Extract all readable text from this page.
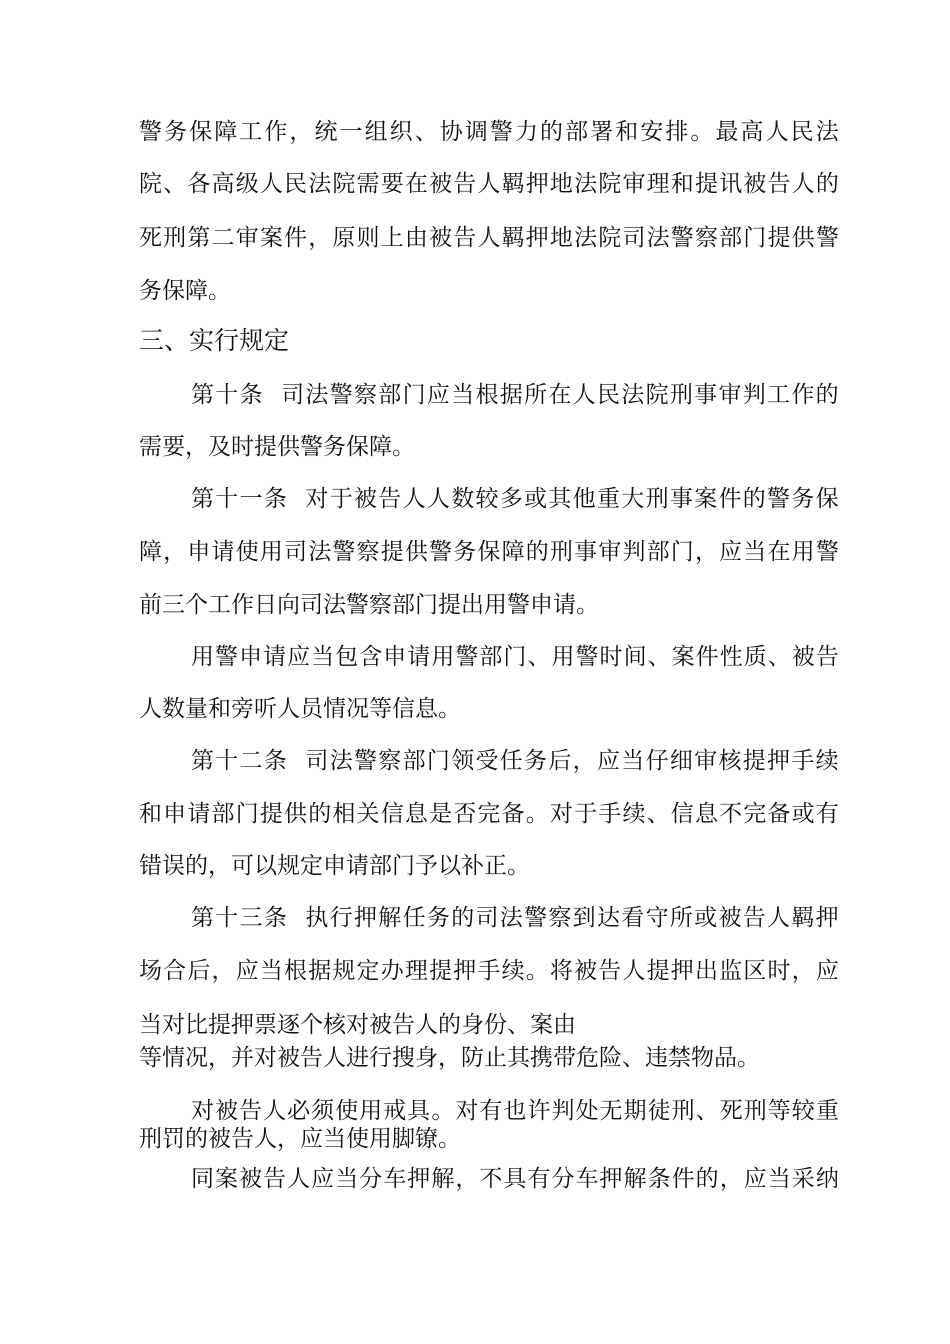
警 务 保 障 工 作 ， 统 一 组 织 、 协 调 警 力 的 部 署 和 安 排 。 最 高 人 民 法
院 、 各 高 级 人 民 法 院 需 要 在 被 告 人 羁 押 地 法 院 审 理 和 提 讯 被 告 人 的
死 刑 第 二 审 案 件 ， 原 则 上 由 被 告 人 羁 押 地 法 院 司 法 警 察 部 门 提 供 警
务保障。
三、实行规定
第 十 条

司 法 警 察 部 门 应 当 根 据 所 在 人 民 法 院 刑 事 审 判 工 作 的
需要，及时提供警务保障。
第 十 一 条

对 于 被 告 人 人 数 较 多 或 其 他 重 大 刑 事 案 件 的 警 务 保
障 ， 申 请 使 用 司 法 警 察 提 供 警 务 保 障 的 刑 事 审 判 部 门 ， 应 当 在 用 警
前三个工作日向司法警察部门提出用警申请。
用 警 申 请 应 当 包 含 申 请 用 警 部 门 、 用 警 时 间 、 案 件 性 质 、 被 告
人数量和旁听人员情况等信息。
第 十 二 条

司 法 警 察 部 门 领 受 任 务 后 ， 应 当 仔 细 审 核 提 押 手 续
和 申 请 部 门 提 供 的 相 关 信 息 是 否 完 备 。 对 于 手 续 、 信 息 不 完 备 或 有
错误的，可以规定申请部门予以补正。
第 十 三 条

执 行 押 解 任 务 的 司 法 警 察 到 达 看 守 所 或 被 告 人 羁 押
场 合 后 ， 应 当 根 据 规 定 办 理 提 押 手 续 。 将 被 告 人 提 押 出 监 区 时 ， 应
当对比提押票逐个核对被告人的身份、案由
等情况，并对被告人进行搜身，防止其携带危险、违禁物品。
对 被 告 人 必 须 使 用 戒 具 。 对 有 也 许 判 处 无 期 徒 刑 、 死 刑 等 较 重
刑罚的被告人，应当使用脚镣。
同 案 被 告 人 应 当 分 车 押 解 ， 不 具 有 分 车 押 解 条 件 的 ， 应 当 采 纳
